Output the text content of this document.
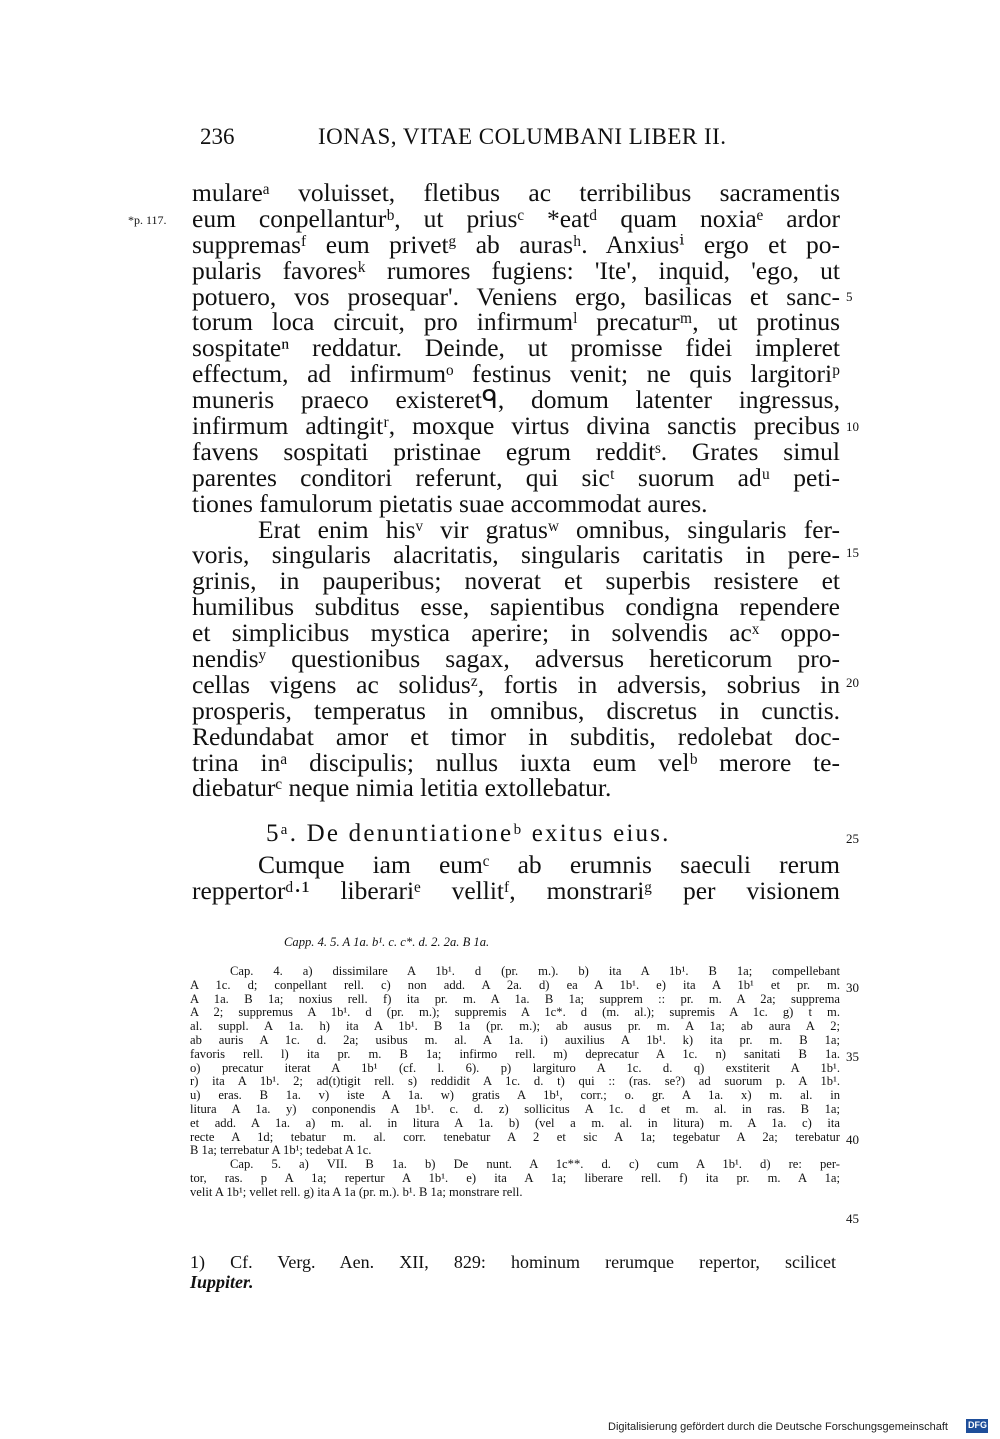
236	IONAS, VITAE COLUMBANI LIBER II.
*p. 117.
mulareᵃ voluisset, fletibus ac terribilibus sacramentis
eum conpellanturᵇ, ut priusᶜ *eatᵈ quam noxiaᵉ ardor
suppremasᶠ eum privetᵍ ab aurasʰ. Anxiusⁱ ergo et po-
pularis favoresᵏ rumores fugiens: 'Ite', inquid, 'ego, ut
potuero, vos prosequar'. Veniens ergo, basilicas et sanc-
torum loca circuit, pro infirmumˡ precaturᵐ, ut protinus
sospitateⁿ reddatur. Deinde, ut promisse fidei impleret
effectum, ad infirmumᵒ festinus venit; ne quis largitoriᵖ
muneris praeco existeretᑫ, domum latenter ingressus,
infirmum adtingitʳ, moxque virtus divina sanctis precibus
favens sospitati pristinae egrum redditˢ. Grates simul
parentes conditori referunt, qui sicᵗ suorum adᵘ peti-
tiones famulorum pietatis suae accommodat aures.
Erat enim hisᵛ vir gratusʷ omnibus, singularis fer-
voris, singularis alacritatis, singularis caritatis in pere-
grinis, in pauperibus; noverat et superbis resistere et
humilibus subditus esse, sapientibus condigna rependere
et simplicibus mystica aperire; in solvendis acˣ oppo-
nendisʸ questionibus sagax, adversus hereticorum pro-
cellas vigens ac solidusᶻ, fortis in adversis, sobrius in
prosperis, temperatus in omnibus, discretus in cunctis.
Redundabat amor et timor in subditis, redolebat doc-
trina inᵃ discipulis; nullus iuxta eum velᵇ merore te-
diebaturᶜ neque nimia letitia extollebatur.
5
10
15
20
25
5ᵃ. De denuntiationeᵇ exitus eius.
Cumque iam eumᶜ ab erumnis saeculi rerum
reppertorᵈ·¹ liberariᵉ vellitᶠ, monstrariᵍ per visionem
Capp. 4. 5. A 1a. b¹. c. c*. d. 2. 2a. B 1a.
Cap. 4. a) dissimilare A 1b¹. d (pr. m.). b) ita A 1b¹. B 1a; compellebant
A 1c. d; conpellant rell. c) non add. A 2a. d) ea A 1b¹. e) ita A 1b¹ et pr. m.
A 1a. B 1a; noxius rell. f) ita pr. m. A 1a. B 1a; supprem :: pr. m. A 2a; supprema
A 2; suppremus A 1b¹. d (pr. m.); suppremis A 1c*. d (m. al.); supremis A 1c. g) t m.
al. suppl. A 1a. h) ita A 1b¹. B 1a (pr. m.); ab ausus pr. m. A 1a; ab aura A 2;
ab auris A 1c. d. 2a; usibus m. al. A 1a. i) auxilius A 1b¹. k) ita pr. m. B 1a;
favoris rell. l) ita pr. m. B 1a; infirmo rell. m) deprecatur A 1c. n) sanitati B 1a.
o) precatur iterat A 1b¹ (cf. l. 6). p) largituro A 1c. d. q) exstiterit A 1b¹.
r) ita A 1b¹. 2; ad(t)tigit rell. s) reddidit A 1c. d. t) qui :: (ras. se?) ad suorum p. A 1b¹.
u) eras. B 1a. v) iste A 1a. w) gratis A 1b¹, corr.; o. gr. A 1a. x) m. al. in
litura A 1a. y) conponendis A 1b¹. c. d. z) sollicitus A 1c. d et m. al. in ras. B 1a;
et add. A 1a. a) m. al. in litura A 1a. b) (vel a m. al. in litura) m. A 1a. c) ita
recte A 1d; tebatur m. al. corr. tenebatur A 2 et sic A 1a; tegebatur A 2a; terebatur
B 1a; terrebatur A 1b¹; tedebat A 1c.
Cap. 5. a) VII. B 1a. b) De nunt. A 1c**. d. c) cum A 1b¹. d) re: per-
tor, ras. p A 1a; repertur A 1b¹. e) ita A 1a; liberare rell. f) ita pr. m. A 1a;
velit A 1b¹; vellet rell. g) ita A 1a (pr. m.). b¹. B 1a; monstrare rell.
30
35
40
45
1) Cf. Verg. Aen. XII, 829: hominum rerumque repertor, scilicet
Iuppiter.
Digitalisierung gefördert durch die Deutsche Forschungsgemeinschaft DFG
